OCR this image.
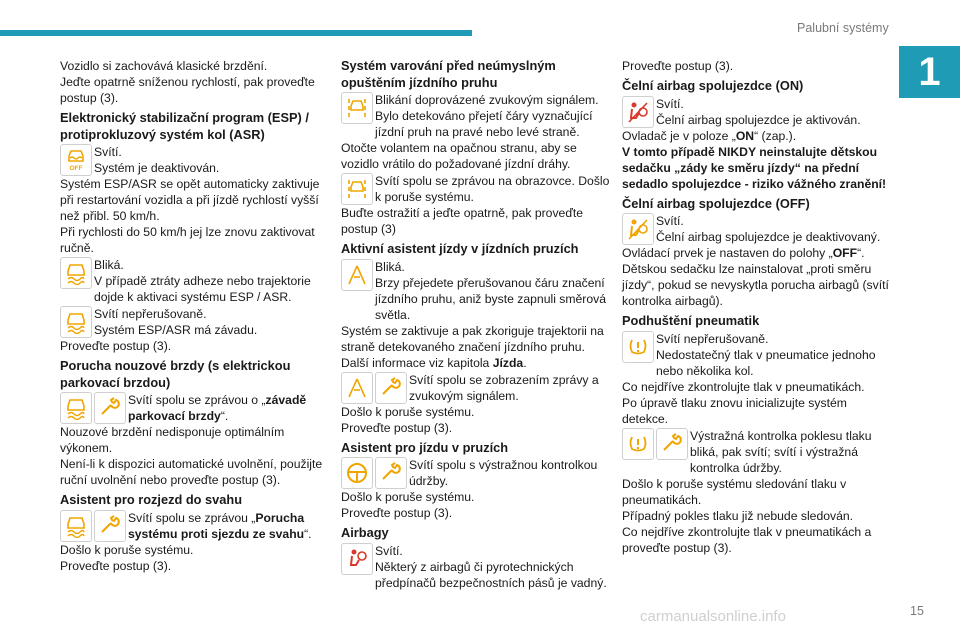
Palubní systémy
1

Vozidlo si zachovává klasické brzdění.

Jeďte opatrně sníženou rychlostí, pak proveďte postup (3).

Elektronický stabilizační program (ESP) / protiprokluzový systém kol (ASR)
OFF

Svítí.

Systém je deaktivován.

Systém ESP/ASR se opět automaticky zaktivuje při restartování vozidla a při jízdě rychlostí vyšší než přibl. 50 km/h.

Při rychlosti do 50 km/h jej lze znovu zaktivovat ručně.

Bliká.

V případě ztráty adheze nebo trajektorie dojde k aktivaci systému ESP / ASR.

Svítí nepřerušovaně.

Systém ESP/ASR má závadu.

Proveďte postup (3).

Porucha nouzové brzdy (s elektrickou parkovací brzdou)

Svítí spolu se zprávou o „závadě parkovací brzdy“.

Nouzové brzdění nedisponuje optimálním výkonem.

Není-li k dispozici automatické uvolnění, použijte ruční uvolnění nebo proveďte postup (3).

Asistent pro rozjezd do svahu

Svítí spolu se zprávou „Porucha systému proti sjezdu ze svahu“.

Došlo k poruše systému.

Proveďte postup (3).

Systém varování před neúmyslným opuštěním jízdního pruhu

Blikání doprovázené zvukovým signálem. Bylo detekováno přejetí čáry vyznačující jízdní pruh na pravé nebo levé straně.

Otočte volantem na opačnou stranu, aby se vozidlo vrátilo do požadované jízdní dráhy.

Svítí spolu se zprávou na obrazovce. Došlo k poruše systému.

Buďte ostražití a jeďte opatrně, pak proveďte postup (3)

Aktivní asistent jízdy v jízdních pruzích

Bliká.

Brzy přejedete přerušovanou čáru značení jízdního pruhu, aniž byste zapnuli směrová světla.

Systém se zaktivuje a pak zkoriguje trajektorii na straně detekovaného značení jízdního pruhu.

Další informace viz kapitola Jízda.

Svítí spolu se zobrazením zprávy a zvukovým signálem.

Došlo k poruše systému.

Proveďte postup (3).

Asistent pro jízdu v pruzích

Svítí spolu s výstražnou kontrolkou údržby.

Došlo k poruše systému.

Proveďte postup (3).

Airbagy

Svítí.

Některý z airbagů či pyrotechnických předpínačů bezpečnostních pásů je vadný.

Proveďte postup (3).

Čelní airbag spolujezdce (ON)

Svítí.

Čelní airbag spolujezdce je aktivován.

Ovladač je v poloze „ON“ (zap.).

V tomto případě NIKDY neinstalujte dětskou sedačku „zády ke směru jízdy“ na přední sedadlo spolujezdce - riziko vážného zranění!

Čelní airbag spolujezdce (OFF)

Svítí.

Čelní airbag spolujezdce je deaktivovaný.

Ovládací prvek je nastaven do polohy „OFF“.

Dětskou sedačku lze nainstalovat „proti směru jízdy“, pokud se nevyskytla porucha airbagů (svítí kontrolka airbagů).

Podhuštění pneumatik

Svítí nepřerušovaně.

Nedostatečný tlak v pneumatice jednoho nebo několika kol.

Co nejdříve zkontrolujte tlak v pneumatikách.

Po úpravě tlaku znovu inicializujte systém detekce.

Výstražná kontrolka poklesu tlaku bliká, pak svítí; svítí i výstražná kontrolka údržby.

Došlo k poruše systému sledování tlaku v pneumatikách.

Případný pokles tlaku již nebude sledován.

Co nejdříve zkontrolujte tlak v pneumatikách a proveďte postup (3).

carmanualsonline.info	15
